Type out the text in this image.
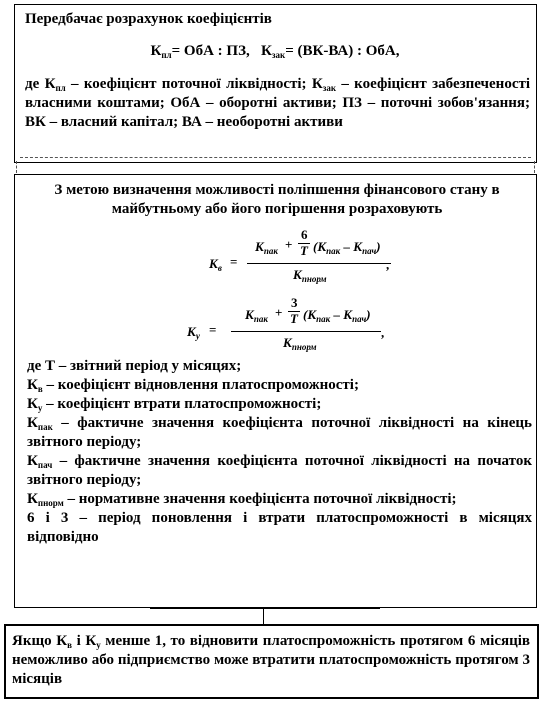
Передбачає розрахунок коефіцієнтів

$К_{пл}=$ ОбА : ПЗ, $К_{зак}= (ВК-ВА)$ : ОбА,

де $К_{пл}$ – коефіцієнт поточної ліквідності; $К_{зак}$ – коефіцієнт забезпеченості власними коштами; ОбА – оборотні активи; ПЗ – поточні зобов'язання; ВК – власний капітал; ВА – необоротні активи

З метою визначення можливості поліпшення фінансового стану в майбутньому або його погіршення розраховують

$К_в$ =
$К_{пак}$ +
6
Т $(К_{пак} - К_{пач})$
$К_{пнорм}$
,
$К_у$ =
$К_{пак}$ +
3
Т $(К_{пак} - К_{пач})$
$К_{пнорм}$
,

де Т – звітний період у місяцях;

$К_в$ – коефіцієнт відновлення платоспроможності;

$К_у$ – коефіцієнт втрати платоспроможності;

$К_{пак}$ – фактичне значення коефіцієнта поточної ліквідності на кінець звітного періоду;

$К_{пач}$ – фактичне значення коефіцієнта поточної ліквідності на початок звітного періоду;

$К_{пнорм}$ – нормативне значення коефіцієнта поточної ліквідності;

6 і 3 – період поновлення і втрати платоспроможності в місяцях відповідно

Якщо $К_в$ і $К_у$ менше 1, то відновити платоспроможність протягом 6 місяців неможливо або підприємство може втратити платоспроможність протягом 3 місяців
